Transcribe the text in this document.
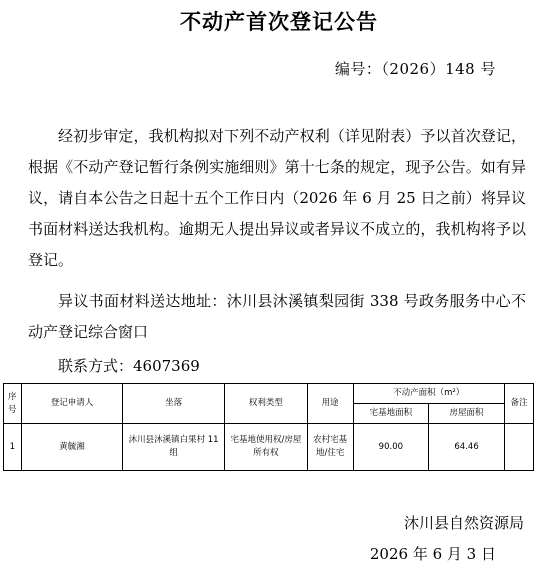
不动产首次登记公告
编号：（2026）148 号

经初步审定，我机构拟对下列不动产权利（详见附表）予以首次登记，根据《不动产登记暂行条例实施细则》第十七条的规定，现予公告。如有异议，请自本公告之日起十五个工作日内（2026 年 6 月 25 日之前）将异议书面材料送达我机构。逾期无人提出异议或者异议不成立的，我机构将予以登记。

异议书面材料送达地址：沐川县沐溪镇梨园街 338 号政务服务中心不动产登记综合窗口

联系方式：4607369
序号	登记申请人	坐落	权利类型	用途	不动产面积（m²）		备注
					宅基地面积	房屋面积	
1	黄毓湘	沐川县沐溪镇白果村 11 组	宅基地使用权/房屋所有权	农村宅基地/住宅	90.00	64.46	
沐川县自然资源局
2026 年 6 月 3 日
